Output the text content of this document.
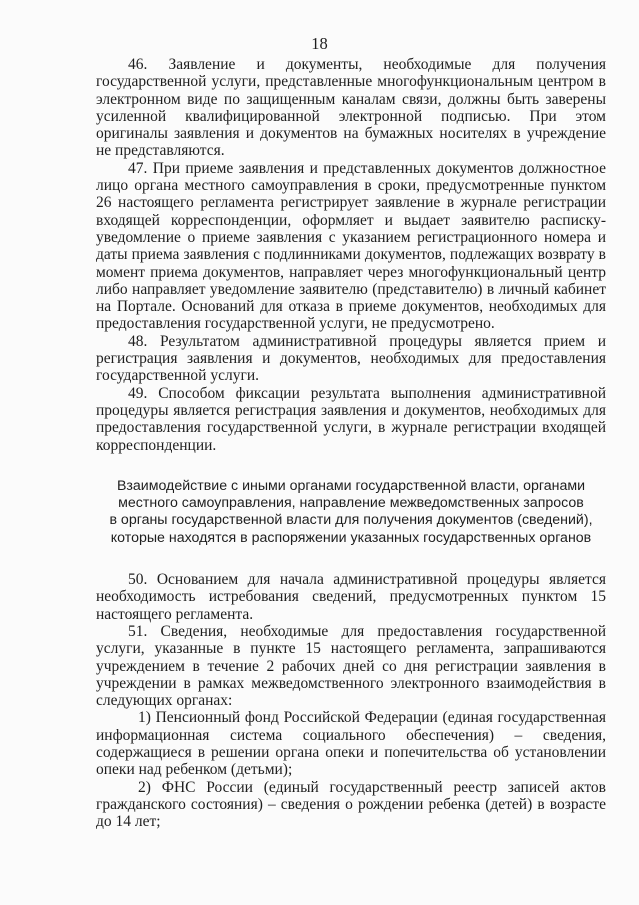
18

46. Заявление и документы, необходимые для получения государственной услуги, представленные многофункциональным центром в электронном виде по защищенным каналам связи, должны быть заверены усиленной квалифицированной электронной подписью. При этом оригиналы заявления и документов на бумажных носителях в учреждение не представляются.

47. При приеме заявления и представленных документов должностное лицо органа местного самоуправления в сроки, предусмотренные пунктом 26 настоящего регламента регистрирует заявление в журнале регистрации входящей корреспонденции, оформляет и выдает заявителю расписку-уведомление о приеме заявления с указанием регистрационного номера и даты приема заявления с подлинниками документов, подлежащих возврату в момент приема документов, направляет через многофункциональный центр либо направляет уведомление заявителю (представителю) в личный кабинет на Портале. Оснований для отказа в приеме документов, необходимых для предоставления государственной услуги, не предусмотрено.

48. Результатом административной процедуры является прием и регистрация заявления и документов, необходимых для предоставления государственной услуги.

49. Способом фиксации результата выполнения административной процедуры является регистрация заявления и документов, необходимых для предоставления государственной услуги, в журнале регистрации входящей корреспонденции.

Взаимодействие с иными органами государственной власти, органами
местного самоуправления, направление межведомственных запросов
в органы государственной власти для получения документов (сведений),
которые находятся в распоряжении указанных государственных органов

50. Основанием для начала административной процедуры является необходимость истребования сведений, предусмотренных пунктом 15 настоящего регламента.

51. Сведения, необходимые для предоставления государственной услуги, указанные в пункте 15 настоящего регламента, запрашиваются учреждением в течение 2 рабочих дней со дня регистрации заявления в учреждении в рамках межведомственного электронного взаимодействия в следующих органах:

1) Пенсионный фонд Российской Федерации (единая государственная информационная система социального обеспечения) – сведения, содержащиеся в решении органа опеки и попечительства об установлении опеки над ребенком (детьми);

2) ФНС России (единый государственный реестр записей актов гражданского состояния) – сведения о рождении ребенка (детей) в возрасте до 14 лет;
